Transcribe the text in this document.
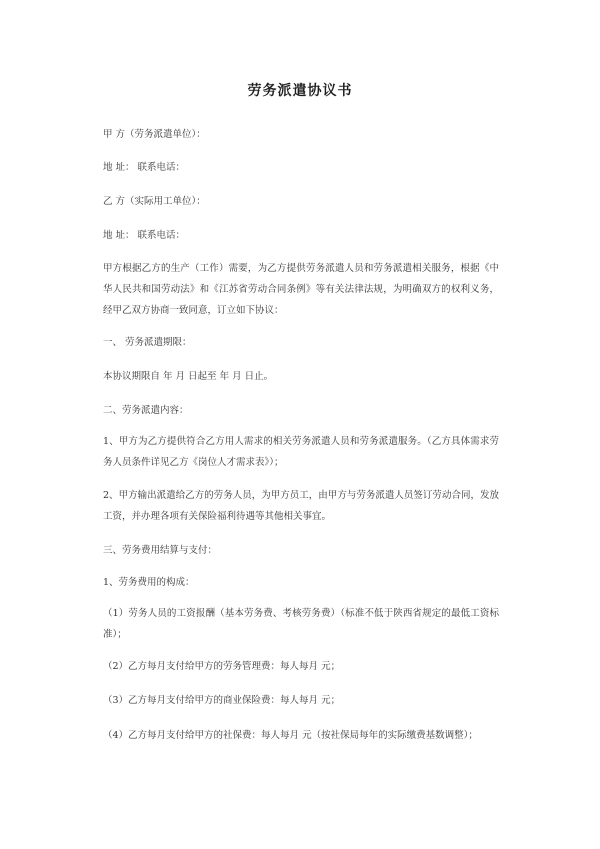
劳务派遣协议书
甲 方（劳务派遣单位）：
地 址： 联系电话：
乙 方（实际用工单位）：
地 址： 联系电话：
甲方根据乙方的生产（工作）需要，为乙方提供劳务派遣人员和劳务派遣相关服务，根据《中华人民共和国劳动法》和《江苏省劳动合同条例》等有关法律法规，为明确双方的权利义务，经甲乙双方协商一致同意，订立如下协议：
一、 劳务派遣期限：
本协议期限自 年 月 日起至 年 月 日止。
二、劳务派遣内容：
1、甲方为乙方提供符合乙方用人需求的相关劳务派遣人员和劳务派遣服务。（乙方具体需求劳务人员条件详见乙方《岗位人才需求表》）；
2、甲方输出派遣给乙方的劳务人员，为甲方员工，由甲方与劳务派遣人员签订劳动合同，发放工资，并办理各项有关保险福利待遇等其他相关事宜。
三、劳务费用结算与支付：
1、劳务费用的构成：
（1）劳务人员的工资报酬（基本劳务费、考核劳务费）（标准不低于陕西省规定的最低工资标准）；
（2）乙方每月支付给甲方的劳务管理费：每人每月 元；
（3）乙方每月支付给甲方的商业保险费：每人每月 元；
（4）乙方每月支付给甲方的社保费：每人每月 元（按社保局每年的实际缴费基数调整）；
